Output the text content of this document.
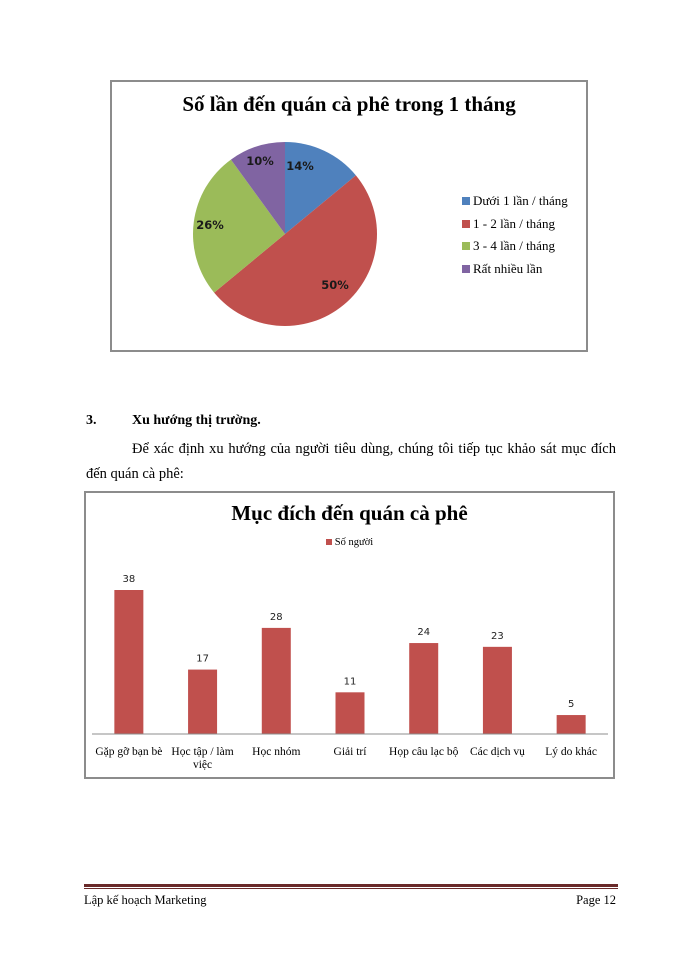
Số lần đến quán cà phê trong 1 tháng
14%
50%
26%
10%
Dưới 1 lần / tháng
1 - 2 lần / tháng
3 - 4 lần / tháng
Rất nhiều lần
3.	Xu hướng thị trường.
Để xác định xu hướng của người tiêu dùng, chúng tôi tiếp tục khảo sát mục đích đến quán cà phê:
Mục đích đến quán cà phê
Số người
38
17
28
11
24	23
5
Gặp gỡ bạn bè Học tập / làm việc
Học nhóm	Giải trí	Họp câu lạc bộ	Các dịch vụ	Lý do khác
Lập kế hoạch Marketing	Page 12
